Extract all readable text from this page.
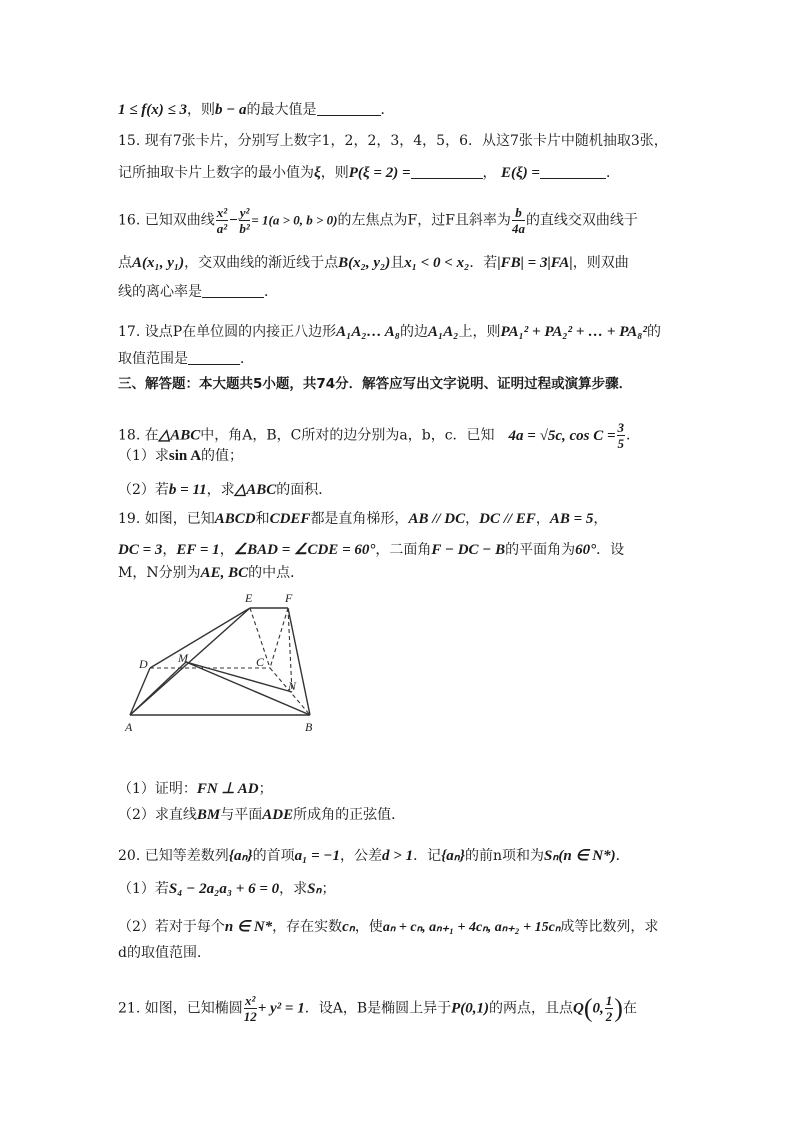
1 ≤ f(x) ≤ 3，则b − a的最大值是	．
15. 现有7张卡片，分别写上数字1，2，2，3，4，5，6．从这7张卡片中随机抽取3张，
记所抽取卡片上数字的最小值为ξ，则P(ξ = 2) =	， E(ξ) =	．
16. 已知双曲线 $\frac{\text{x²}}{\text{a²}} - \frac{\text{y²}}{\text{b²}} = 1(a > 0$, b > 0)的左焦点为F，过F且斜率为 $\frac{b}{4a}$ 的直线交双曲线于
点A(x₁, y₁)，交双曲线的渐近线于点B(x₂, y₂)且x₁ < 0 < x₂．若|FB| = 3|FA|，则双曲
线的离心率是	．
17. 设点P在单位圆的内接正八边形A₁A₂… A₈的边A₁A₂上，则PA₁² + PA₂² + … + PA₈²的
取值范围是	．
三、解答题：本大题共5小题，共74分．解答应写出文字说明、证明过程或演算步骤．
18. 在△ABC中，角A，B，C所对的边分别为a，b，c．已知 4a = √5c, $\cos C = \frac{3}{5}$ ．
（1）求sin A的值；
（2）若b = 11，求△ABC的面积．
19. 如图，已知ABCD和CDEF都是直角梯形，AB // DC，DC // EF，AB = 5，
DC = 3，EF = 1，∠BAD = ∠CDE = 60°，二面角F − DC − B的平面角为60°．设
M，N分别为AE, BC的中点．
E	F
D	M	C
N
A	B
（1）证明：FN ⊥ AD；
（2）求直线BM与平面ADE所成角的正弦值．
20. 已知等差数列{aₙ}的首项a₁ = −1，公差d > 1．记{aₙ}的前n项和为Sₙ(n ∈ N*)．
（1）若S₄ − 2a₂a₃ + 6 = 0，求Sₙ；
（2）若对于每个n ∈ N*，存在实数cₙ，使aₙ + cₙ, aₙ₊₁ + 4cₙ, aₙ₊₂ + 15cₙ成等比数列，求
d的取值范围．
21. 如图，已知椭圆 $\frac{\text{x²}}{12} + y^2 = 1$．设A，B是椭圆上异于P(0,1)的两点，且点Q(0, $\frac{1}{2}$ )在
